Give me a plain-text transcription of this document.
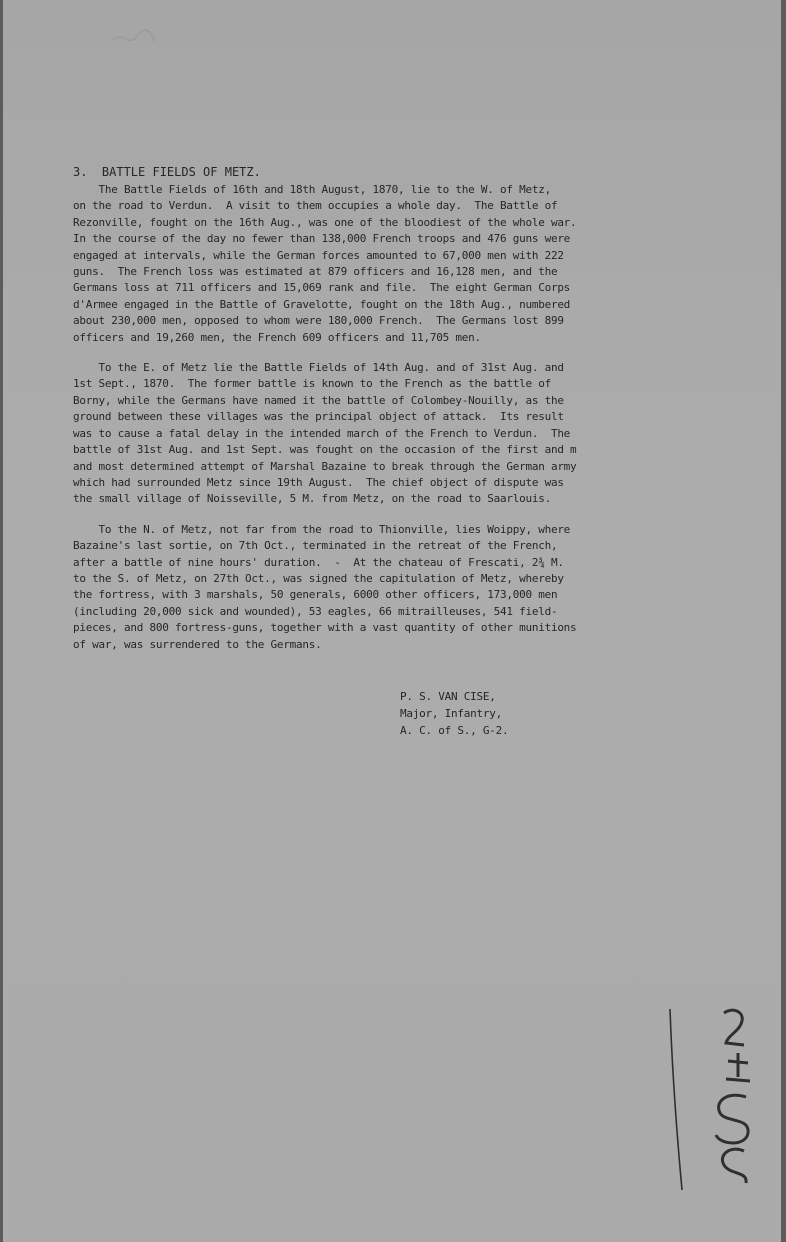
3.  BATTLE FIELDS OF METZ.
The Battle Fields of 16th and 18th August, 1870, lie to the W. of Metz,
on the road to Verdun.  A visit to them occupies a whole day.  The Battle of
Rezonville, fought on the 16th Aug., was one of the bloodiest of the whole war.
In the course of the day no fewer than 138,000 French troops and 476 guns were
engaged at intervals, while the German forces amounted to 67,000 men with 222
guns.  The French loss was estimated at 879 officers and 16,128 men, and the
Germans loss at 711 officers and 15,069 rank and file.  The eight German Corps
d'Armee engaged in the Battle of Gravelotte, fought on the 18th Aug., numbered
about 230,000 men, opposed to whom were 180,000 French.  The Germans lost 899
officers and 19,260 men, the French 609 officers and 11,705 men.
To the E. of Metz lie the Battle Fields of 14th Aug. and of 31st Aug. and
1st Sept., 1870.  The former battle is known to the French as the battle of
Borny, while the Germans have named it the battle of Colombey-Nouilly, as the
ground between these villages was the principal object of attack.  Its result
was to cause a fatal delay in the intended march of the French to Verdun.  The
battle of 31st Aug. and 1st Sept. was fought on the occasion of the first and m
and most determined attempt of Marshal Bazaine to break through the German army
which had surrounded Metz since 19th August.  The chief object of dispute was
the small village of Noisseville, 5 M. from Metz, on the road to Saarlouis.
To the N. of Metz, not far from the road to Thionville, lies Woippy, where
Bazaine's last sortie, on 7th Oct., terminated in the retreat of the French,
after a battle of nine hours' duration.  -  At the chateau of Frescati, 2¾ M.
to the S. of Metz, on 27th Oct., was signed the capitulation of Metz, whereby
the fortress, with 3 marshals, 50 generals, 6000 other officers, 173,000 men
(including 20,000 sick and wounded), 53 eagles, 66 mitrailleuses, 541 field-
pieces, and 800 fortress-guns, together with a vast quantity of other munitions
of war, was surrendered to the Germans.
P. S. VAN CISE,
Major, Infantry,
A. C. of S., G-2.
